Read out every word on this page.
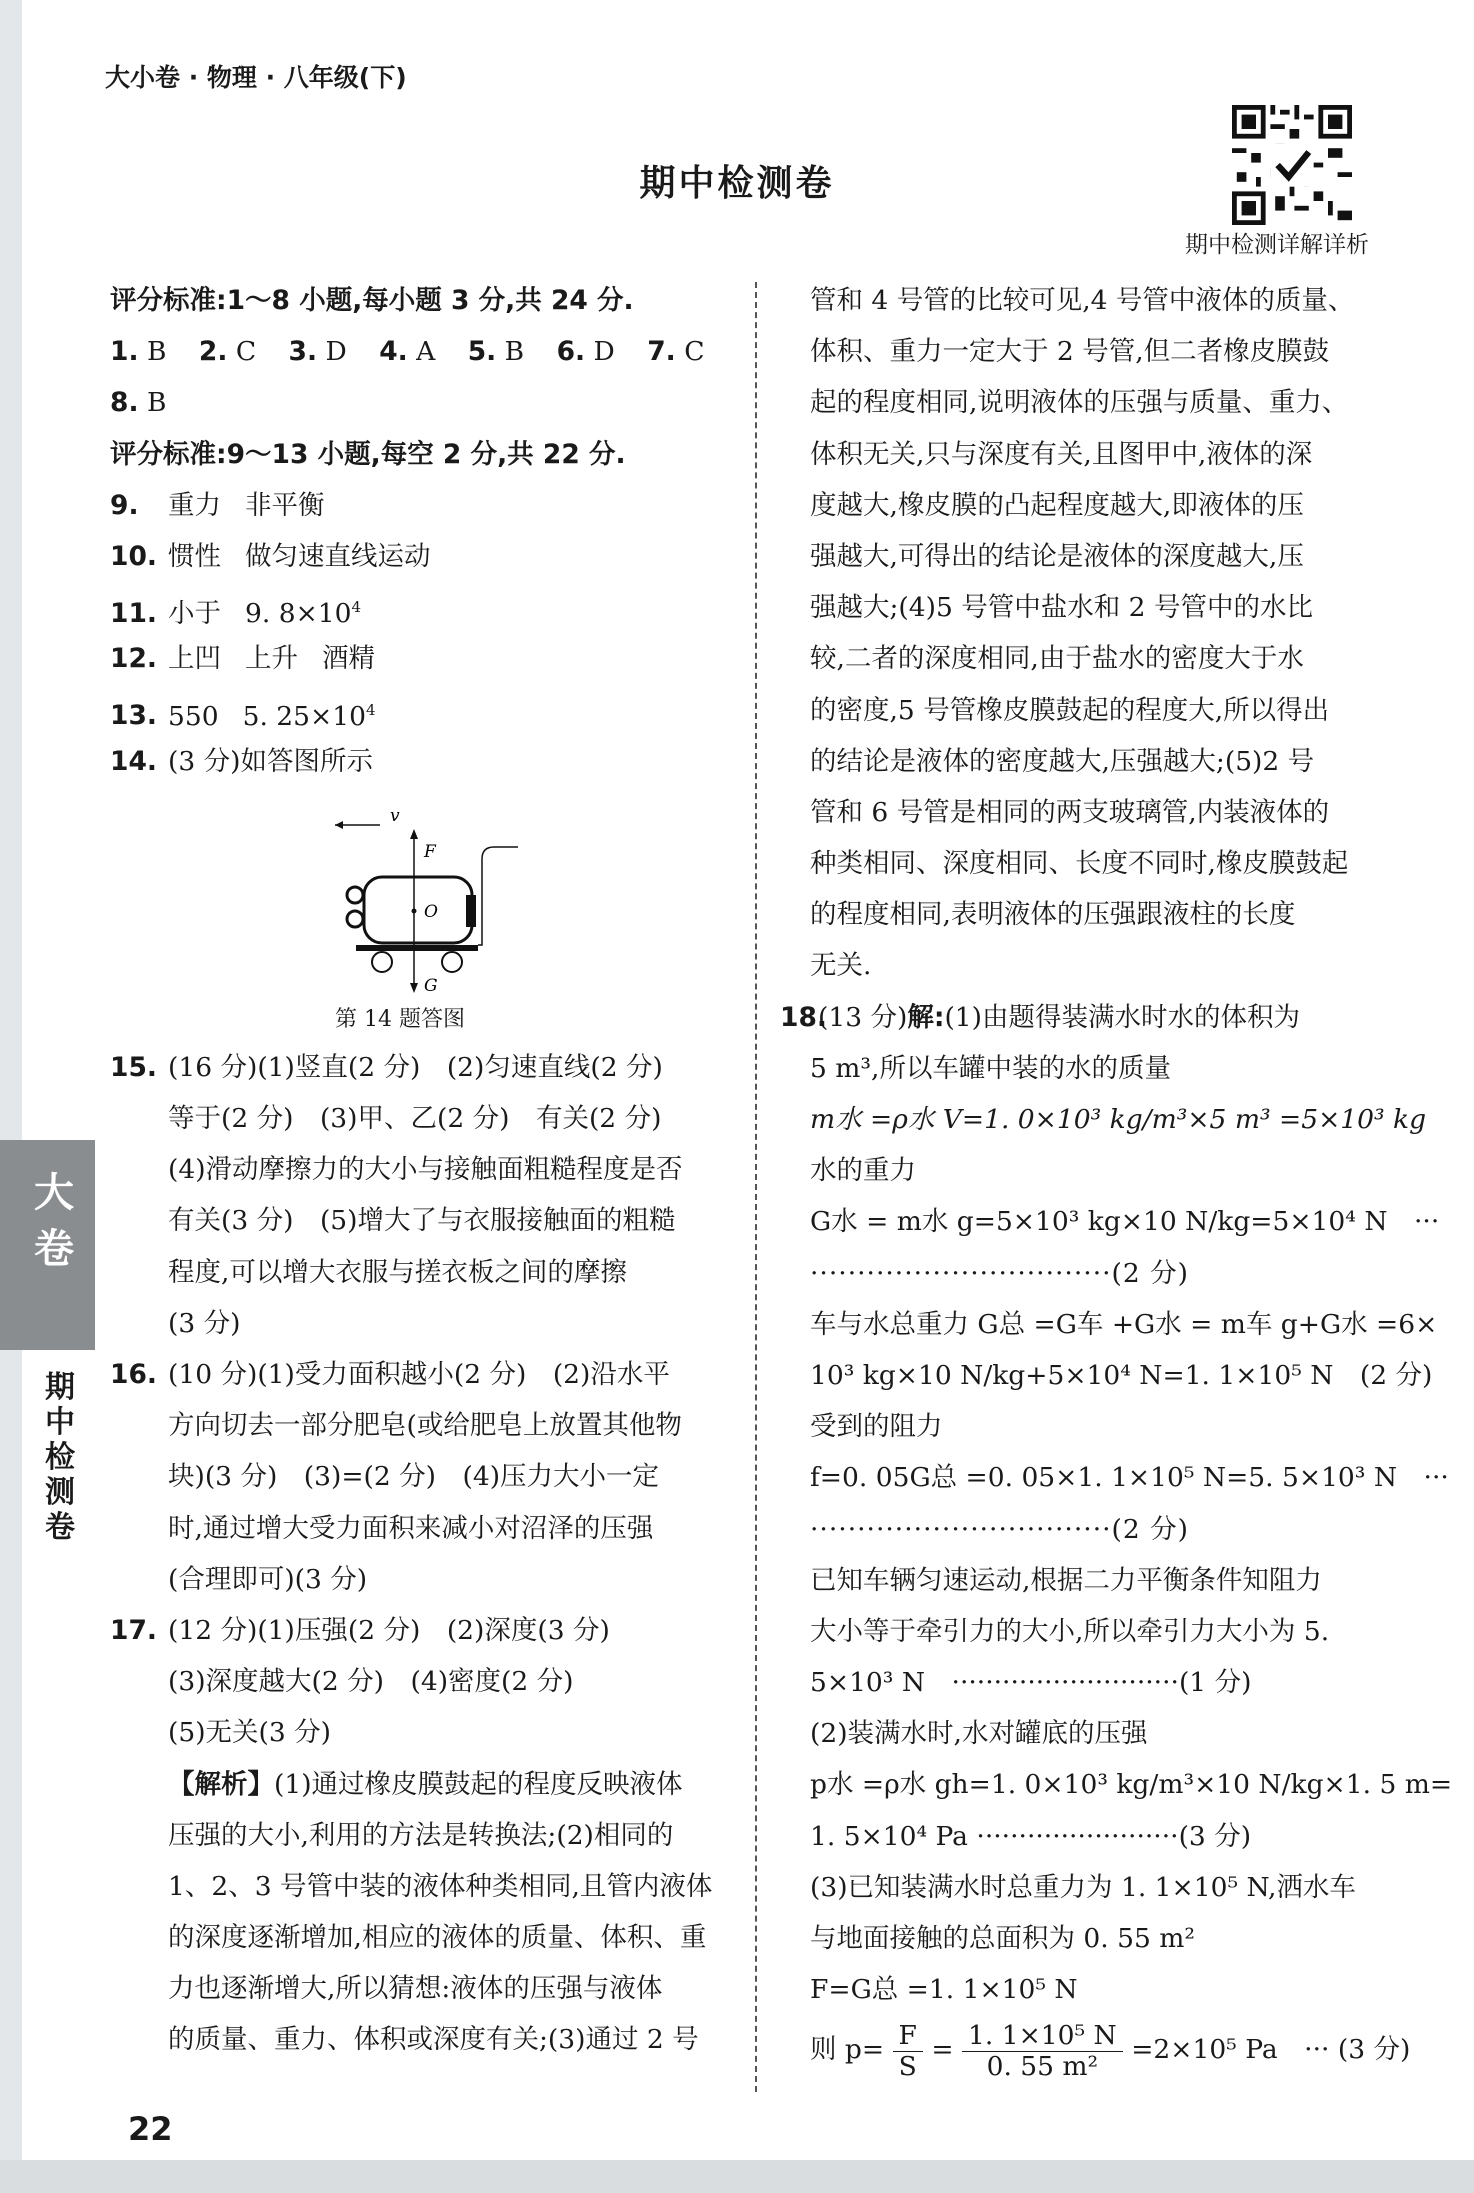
大小卷 · 物理 · 八年级(下)
期中检测卷
期中检测详解详析
评分标准:1～8 小题,每小题 3 分,共 24 分.
1. B 2. C 3. D 4. A 5. B 6. D 7. C
8. B
评分标准:9～13 小题,每空 2 分,共 22 分.
9. 重力 非平衡
10. 惯性 做匀速直线运动
11. 小于 9. $8\times 10^4$
12. 上凹 上升 酒精
13. 550 5. $25\times 10^4$
14. (3 分)如答图所示
v
F
O
G
第 14 题答图
15. (16 分)(1)竖直(2 分)　(2)匀速直线(2 分)
等于(2 分)　(3)甲、乙(2 分)　有关(2 分)
(4)滑动摩擦力的大小与接触面粗糙程度是否
有关(3 分)　(5)增大了与衣服接触面的粗糙
程度,可以增大衣服与搓衣板之间的摩擦
(3 分)
16. (10 分)(1)受力面积越小(2 分)　(2)沿水平
方向切去一部分肥皂(或给肥皂上放置其他物
块)(3 分)　(3)=(2 分)　(4)压力大小一定
时,通过增大受力面积来减小对沼泽的压强
(合理即可)(3 分)
17. (12 分)(1)压强(2 分)　(2)深度(3 分)
(3)深度越大(2 分)　(4)密度(2 分)
(5)无关(3 分)
【解析】(1)通过橡皮膜鼓起的程度反映液体
压强的大小,利用的方法是转换法;(2)相同的
1、2、3 号管中装的液体种类相同,且管内液体
的深度逐渐增加,相应的液体的质量、体积、重
力也逐渐增大,所以猜想:液体的压强与液体
的质量、重力、体积或深度有关;(3)通过 2 号
管和 4 号管的比较可见,4 号管中液体的质量、
体积、重力一定大于 2 号管,但二者橡皮膜鼓
起的程度相同,说明液体的压强与质量、重力、
体积无关,只与深度有关,且图甲中,液体的深
度越大,橡皮膜的凸起程度越大,即液体的压
强越大,可得出的结论是液体的深度越大,压
强越大;(4)5 号管中盐水和 2 号管中的水比
较,二者的深度相同,由于盐水的密度大于水
的密度,5 号管橡皮膜鼓起的程度大,所以得出
的结论是液体的密度越大,压强越大;(5)2 号
管和 6 号管是相同的两支玻璃管,内装液体的
种类相同、深度相同、长度不同时,橡皮膜鼓起
的程度相同,表明液体的压强跟液柱的长度
无关.
18.(13 分)解:(1)由题得装满水时水的体积为
5 m³,所以车罐中装的水的质量
m水 =ρ水 V=1. 0×10³ kg/m³×5 m³ =5×10³ kg
水的重力
G水 = m水 g=5×10³ kg×10 N/kg=5×10⁴ N　···
································(2 分)
车与水总重力 G总 =G车 +G水 = m车 g+G水 =6×
10³ kg×10 N/kg+5×10⁴ N=1. 1×10⁵ N　(2 分)
受到的阻力
f=0. 05G总 =0. 05×1. 1×10⁵ N=5. 5×10³ N　···
································(2 分)
已知车辆匀速运动,根据二力平衡条件知阻力
大小等于牵引力的大小,所以牵引力大小为 5.
5×10³ N　···························(1 分)
(2)装满水时,水对罐底的压强
p水 =ρ水 gh=1. 0×10³ kg/m³×10 N/kg×1. 5 m=
1. 5×10⁴ Pa ························(3 分)
(3)已知装满水时总重力为 1. 1×10⁵ N,洒水车
与地面接触的总面积为 0. 55 m²
F=G总 =1. 1×10⁵ N
则 $p= \frac{F}{S} = \frac{\text{1. 1×10⁵ N}}{\text{0. 55 m²}} =2\times 10^5$ Pa　··· (3 分)
大
卷
期中检测卷
22
